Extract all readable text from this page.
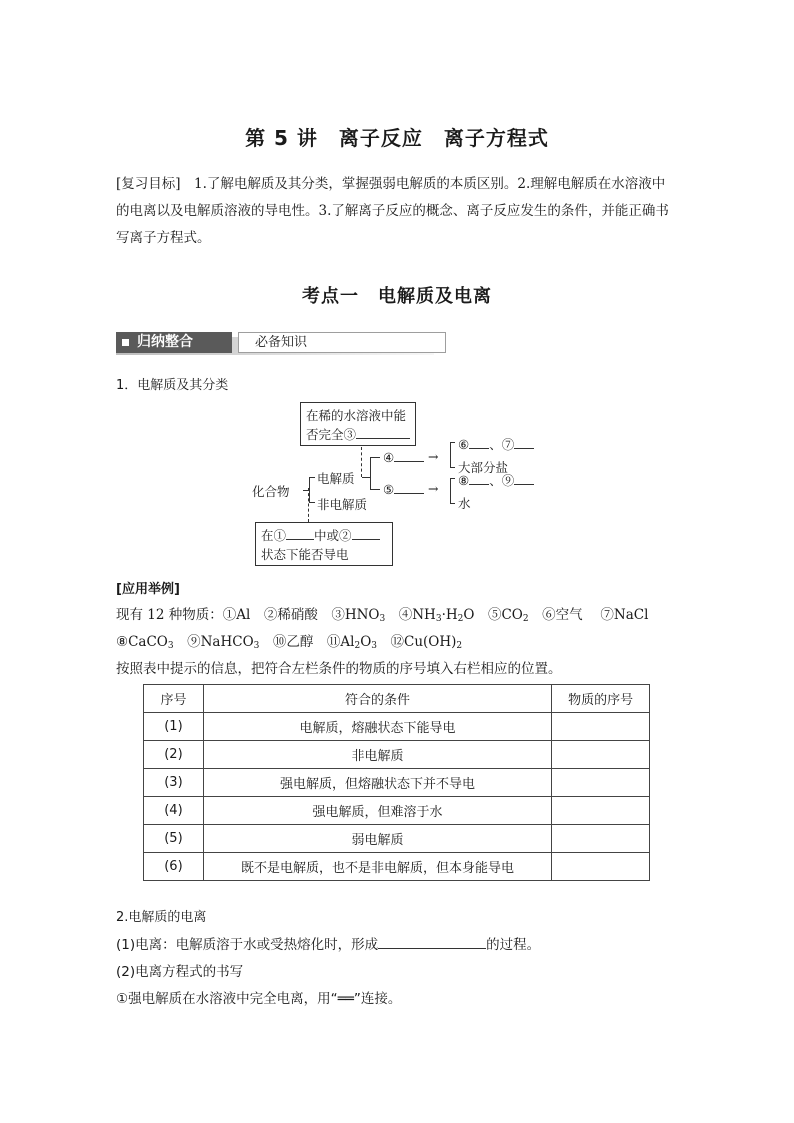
第 5 讲　离子反应　离子方程式
[复习目标]　1.了解电解质及其分类，掌握强弱电解质的本质区别。2.理解电解质在水溶液中的电离以及电解质溶液的导电性。3.了解离子反应的概念、离子反应发生的条件，并能正确书写离子方程式。
考点一　电解质及电离
归纳整合	必备知识
1．电解质及其分类
在稀的水溶液中能
否完全③
化合物
电解质
非电解质
④
⑤
→
→
⑥ 、⑦
大部分盐
⑧ 、⑨
水
在① 中或②
状态下能否导电
[应用举例]
现有 12 种物质：①Al　 ②稀硝酸　 $③HNO_3$　 $④NH_3\cdot H_2O$　 $⑤CO_2$　 ⑥空气　 ⑦NaCl
⑧CaCO$_3$　 ⑨NaHCO$_3$　 ⑩乙醇　 $⑪Al_2O_3$　 $⑫Cu(OH)_2$
按照表中提示的信息，把符合左栏条件的物质的序号填入右栏相应的位置。
序号	符合的条件	物质的序号
(1)	电解质，熔融状态下能导电	
(2)	非电解质	
(3)	强电解质，但熔融状态下并不导电	
(4)	强电解质，但难溶于水	
(5)	弱电解质	
(6)	既不是电解质，也不是非电解质，但本身能导电	
2.电解质的电离
(1)电离：电解质溶于水或受热熔化时，形成	的过程。
(2)电离方程式的书写
①强电解质在水溶液中完全电离，用“══”连接。
